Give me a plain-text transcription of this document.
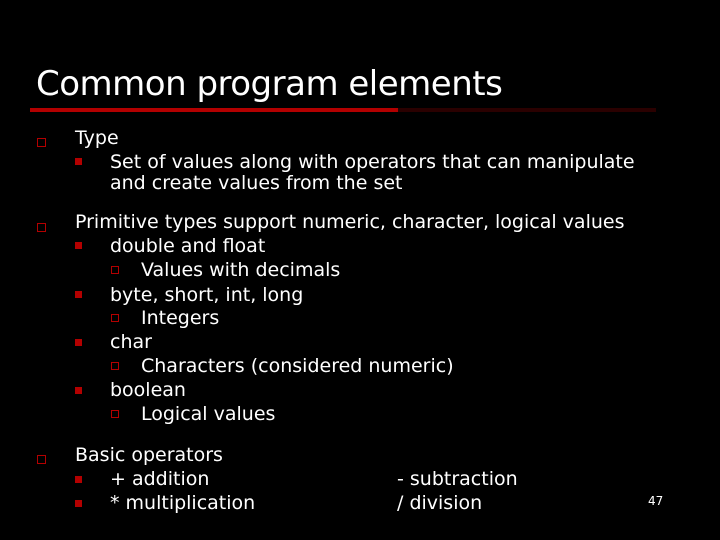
Common program elements
Type
Set of values along with operators that can manipulate
and create values from the set
Primitive types support numeric, character, logical values
double and float
Values with decimals
byte, short, int, long
Integers
char
Characters (considered numeric)
boolean
Logical values
Basic operators
+ addition	- subtraction
* multiplication	/ division	47
